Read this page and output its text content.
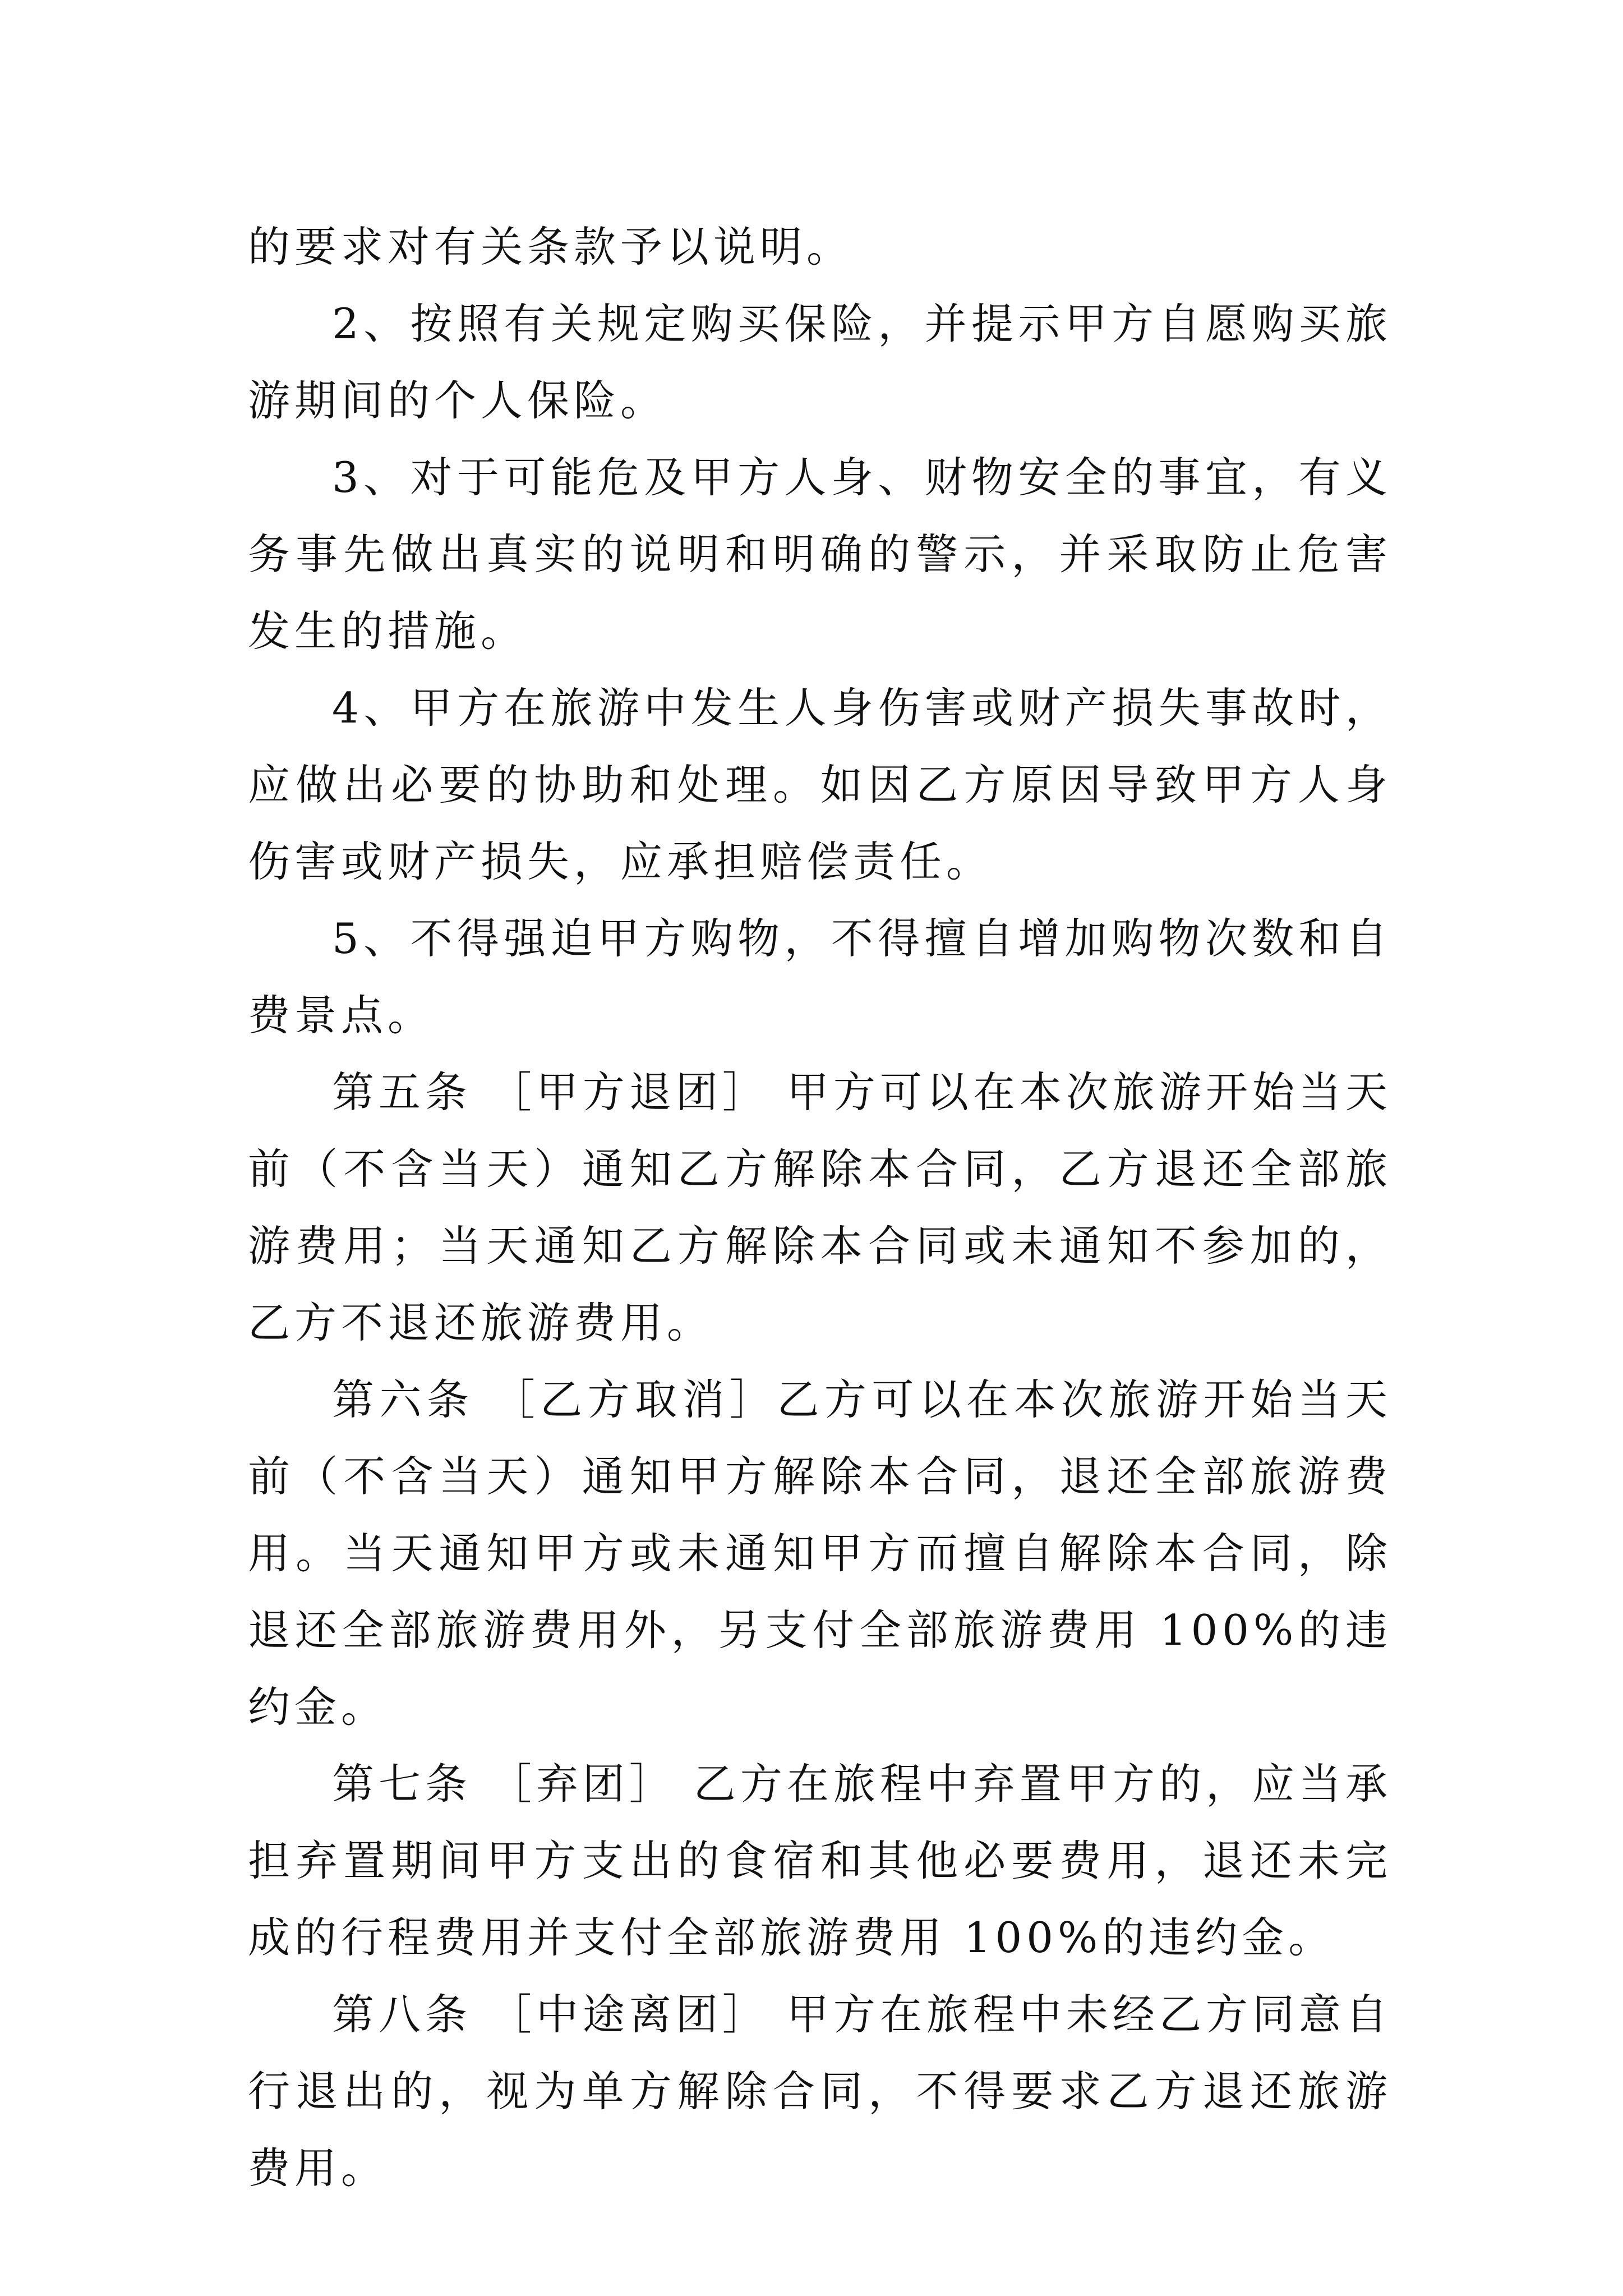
的要求对有关条款予以说明。

2、按照有关规定购买保险，并提示甲方自愿购买旅游期间的个人保险。

3、对于可能危及甲方人身、财物安全的事宜，有义务事先做出真实的说明和明确的警示，并采取防止危害发生的措施。

4、甲方在旅游中发生人身伤害或财产损失事故时，应做出必要的协助和处理。如因乙方原因导致甲方人身伤害或财产损失，应承担赔偿责任。

5、不得强迫甲方购物，不得擅自增加购物次数和自费景点。

第五条 ［甲方退团］ 甲方可以在本次旅游开始当天前（不含当天）通知乙方解除本合同，乙方退还全部旅游费用；当天通知乙方解除本合同或未通知不参加的，乙方不退还旅游费用。

第六条 ［乙方取消］乙方可以在本次旅游开始当天前（不含当天）通知甲方解除本合同，退还全部旅游费用。当天通知甲方或未通知甲方而擅自解除本合同，除退还全部旅游费用外，另支付全部旅游费用 100%的违约金。

第七条 ［弃团］ 乙方在旅程中弃置甲方的，应当承担弃置期间甲方支出的食宿和其他必要费用，退还未完成的行程费用并支付全部旅游费用 100%的违约金。

第八条 ［中途离团］ 甲方在旅程中未经乙方同意自行退出的，视为单方解除合同，不得要求乙方退还旅游费用。
